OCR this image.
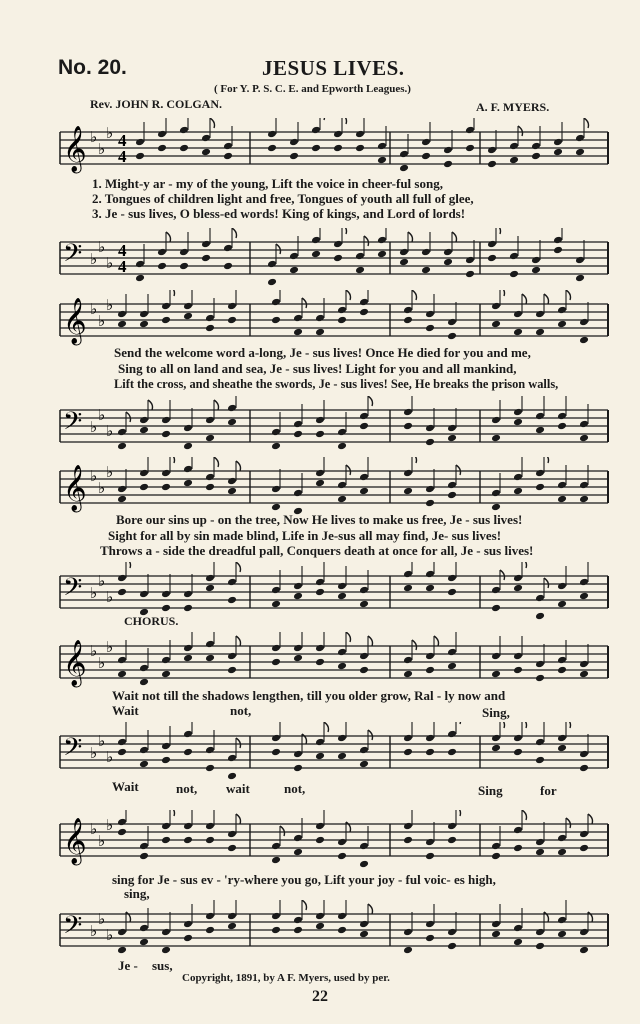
No. 20.	JESUS LIVES.
( For Y. P. S. C. E. and Epworth Leagues.)
Rev. JOHN R. COLGAN.	A. F. MYERS.
𝄞 ♭
♭
♭ 4
4
1. Might-y ar - my of the young, Lift the voice in cheer-ful song,
2. Tongues of children light and free, Tongues of youth all full of glee,
3. Je - sus lives, O bless-ed words! King of kings, and Lord of lords!
𝄢 ♭
♭
♭
4
4
𝄞 ♭
♭
♭
Send the welcome word a-long, Je - sus lives! Once He died for you and me,
Sing to all on land and sea, Je - sus lives! Light for you and all mankind,
Lift the cross, and sheathe the swords, Je - sus lives! See, He breaks the prison walls,
𝄢 ♭
♭
♭
𝄞 ♭
♭
♭
Bore our sins up - on the tree, Now He lives to make us free, Je - sus lives!
Sight for all by sin made blind, Life in Je-sus all may find, Je- sus lives!
Throws a - side the dreadful pall, Conquers death at once for all, Je - sus lives!
𝄢 ♭
♭
♭
CHORUS.
𝄞 ♭
♭
♭
Wait not till the shadows lengthen, till you older grow, Ral - ly now and
Wait	not,	Sing,
𝄢 ♭
♭
♭
Wait	not, wait	not,	Sing	for
𝄞 ♭
♭
♭
sing for Je - sus ev - 'ry-where you go, Lift your joy - ful voic- es high,
sing,
𝄢 ♭
♭
♭
Je - sus,
Copyright, 1891, by A F. Myers, used by per.
22
